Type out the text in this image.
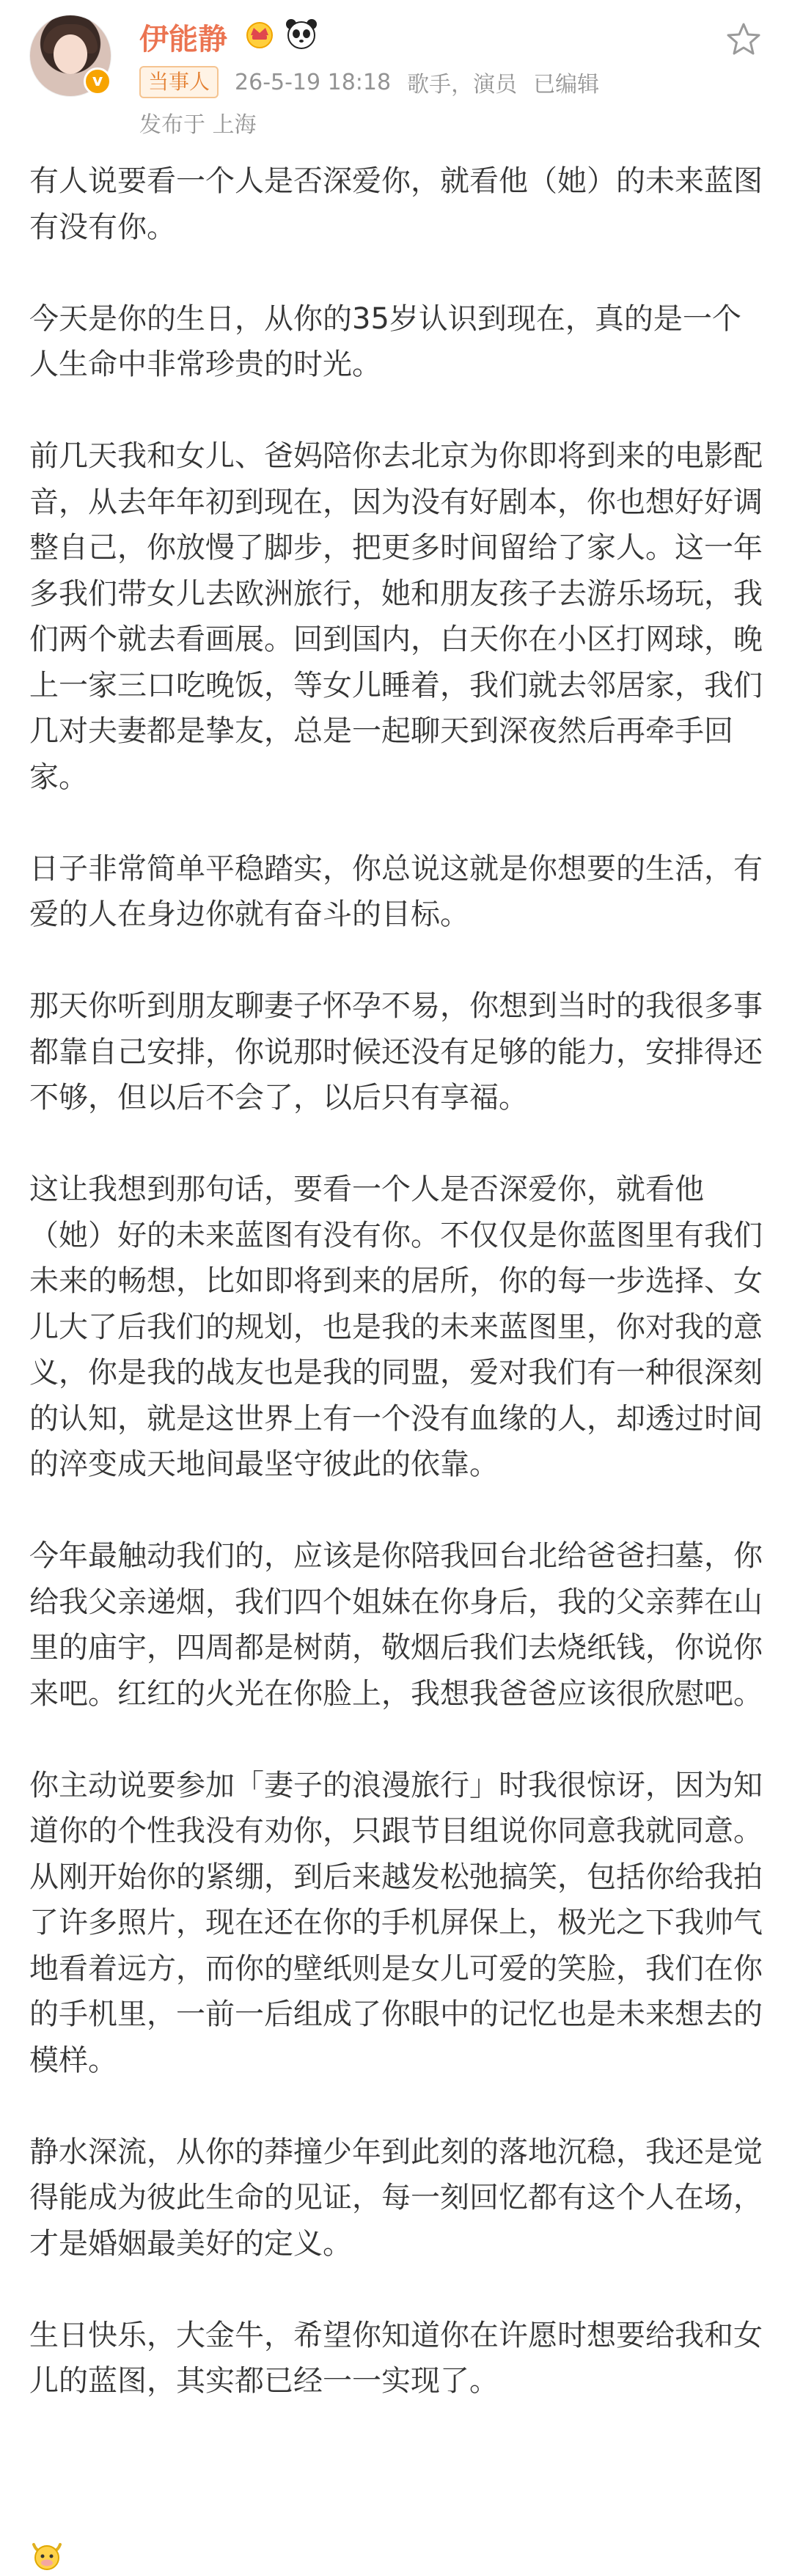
v
伊能静
当事人	26-5-19 18:18 歌手，演员 已编辑
发布于 上海

有人说要看一个人是否深爱你，就看他（她）的未来蓝图有没有你。

今天是你的生日，从你的35岁认识到现在，真的是一个人生命中非常珍贵的时光。

前几天我和女儿、爸妈陪你去北京为你即将到来的电影配音，从去年年初到现在，因为没有好剧本，你也想好好调整自己，你放慢了脚步，把更多时间留给了家人。这一年多我们带女儿去欧洲旅行，她和朋友孩子去游乐场玩，我们两个就去看画展。回到国内，白天你在小区打网球，晚上一家三口吃晚饭，等女儿睡着，我们就去邻居家，我们几对夫妻都是挚友，总是一起聊天到深夜然后再牵手回家。

日子非常简单平稳踏实，你总说这就是你想要的生活，有爱的人在身边你就有奋斗的目标。

那天你听到朋友聊妻子怀孕不易，你想到当时的我很多事都靠自己安排，你说那时候还没有足够的能力，安排得还不够，但以后不会了，以后只有享福。

这让我想到那句话，要看一个人是否深爱你，就看他（她）好的未来蓝图有没有你。不仅仅是你蓝图里有我们未来的畅想，比如即将到来的居所，你的每一步选择、女儿大了后我们的规划，也是我的未来蓝图里，你对我的意义，你是我的战友也是我的同盟，爱对我们有一种很深刻的认知，就是这世界上有一个没有血缘的人，却透过时间的淬变成天地间最坚守彼此的依靠。

今年最触动我们的，应该是你陪我回台北给爸爸扫墓，你给我父亲递烟，我们四个姐妹在你身后，我的父亲葬在山里的庙宇，四周都是树荫，敬烟后我们去烧纸钱，你说你来吧。红红的火光在你脸上，我想我爸爸应该很欣慰吧。

你主动说要参加「妻子的浪漫旅行」时我很惊讶，因为知道你的个性我没有劝你，只跟节目组说你同意我就同意。从刚开始你的紧绷，到后来越发松弛搞笑，包括你给我拍了许多照片，现在还在你的手机屏保上，极光之下我帅气地看着远方，而你的壁纸则是女儿可爱的笑脸，我们在你的手机里，一前一后组成了你眼中的记忆也是未来想去的模样。

静水深流，从你的莽撞少年到此刻的落地沉稳，我还是觉得能成为彼此生命的见证，每一刻回忆都有这个人在场，才是婚姻最美好的定义。

生日快乐，大金牛，希望你知道你在许愿时想要给我和女儿的蓝图，其实都已经一一实现了。
